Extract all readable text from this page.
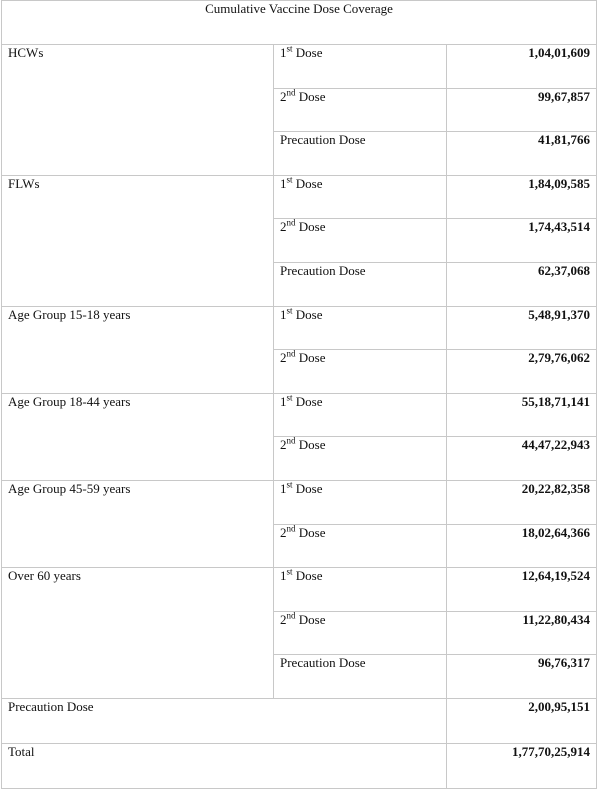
Cumulative Vaccine Dose Coverage		
HCWs	1st Dose	1,04,01,609
	2nd Dose	99,67,857
	Precaution Dose	41,81,766
FLWs	1st Dose	1,84,09,585
	2nd Dose	1,74,43,514
	Precaution Dose	62,37,068
Age Group 15-18 years	1st Dose	5,48,91,370
	2nd Dose	2,79,76,062
Age Group 18-44 years	1st Dose	55,18,71,141
	2nd Dose	44,47,22,943
Age Group 45-59 years	1st Dose	20,22,82,358
	2nd Dose	18,02,64,366
Over 60 years	1st Dose	12,64,19,524
	2nd Dose	11,22,80,434
	Precaution Dose	96,76,317
Precaution Dose		2,00,95,151
Total		1,77,70,25,914
